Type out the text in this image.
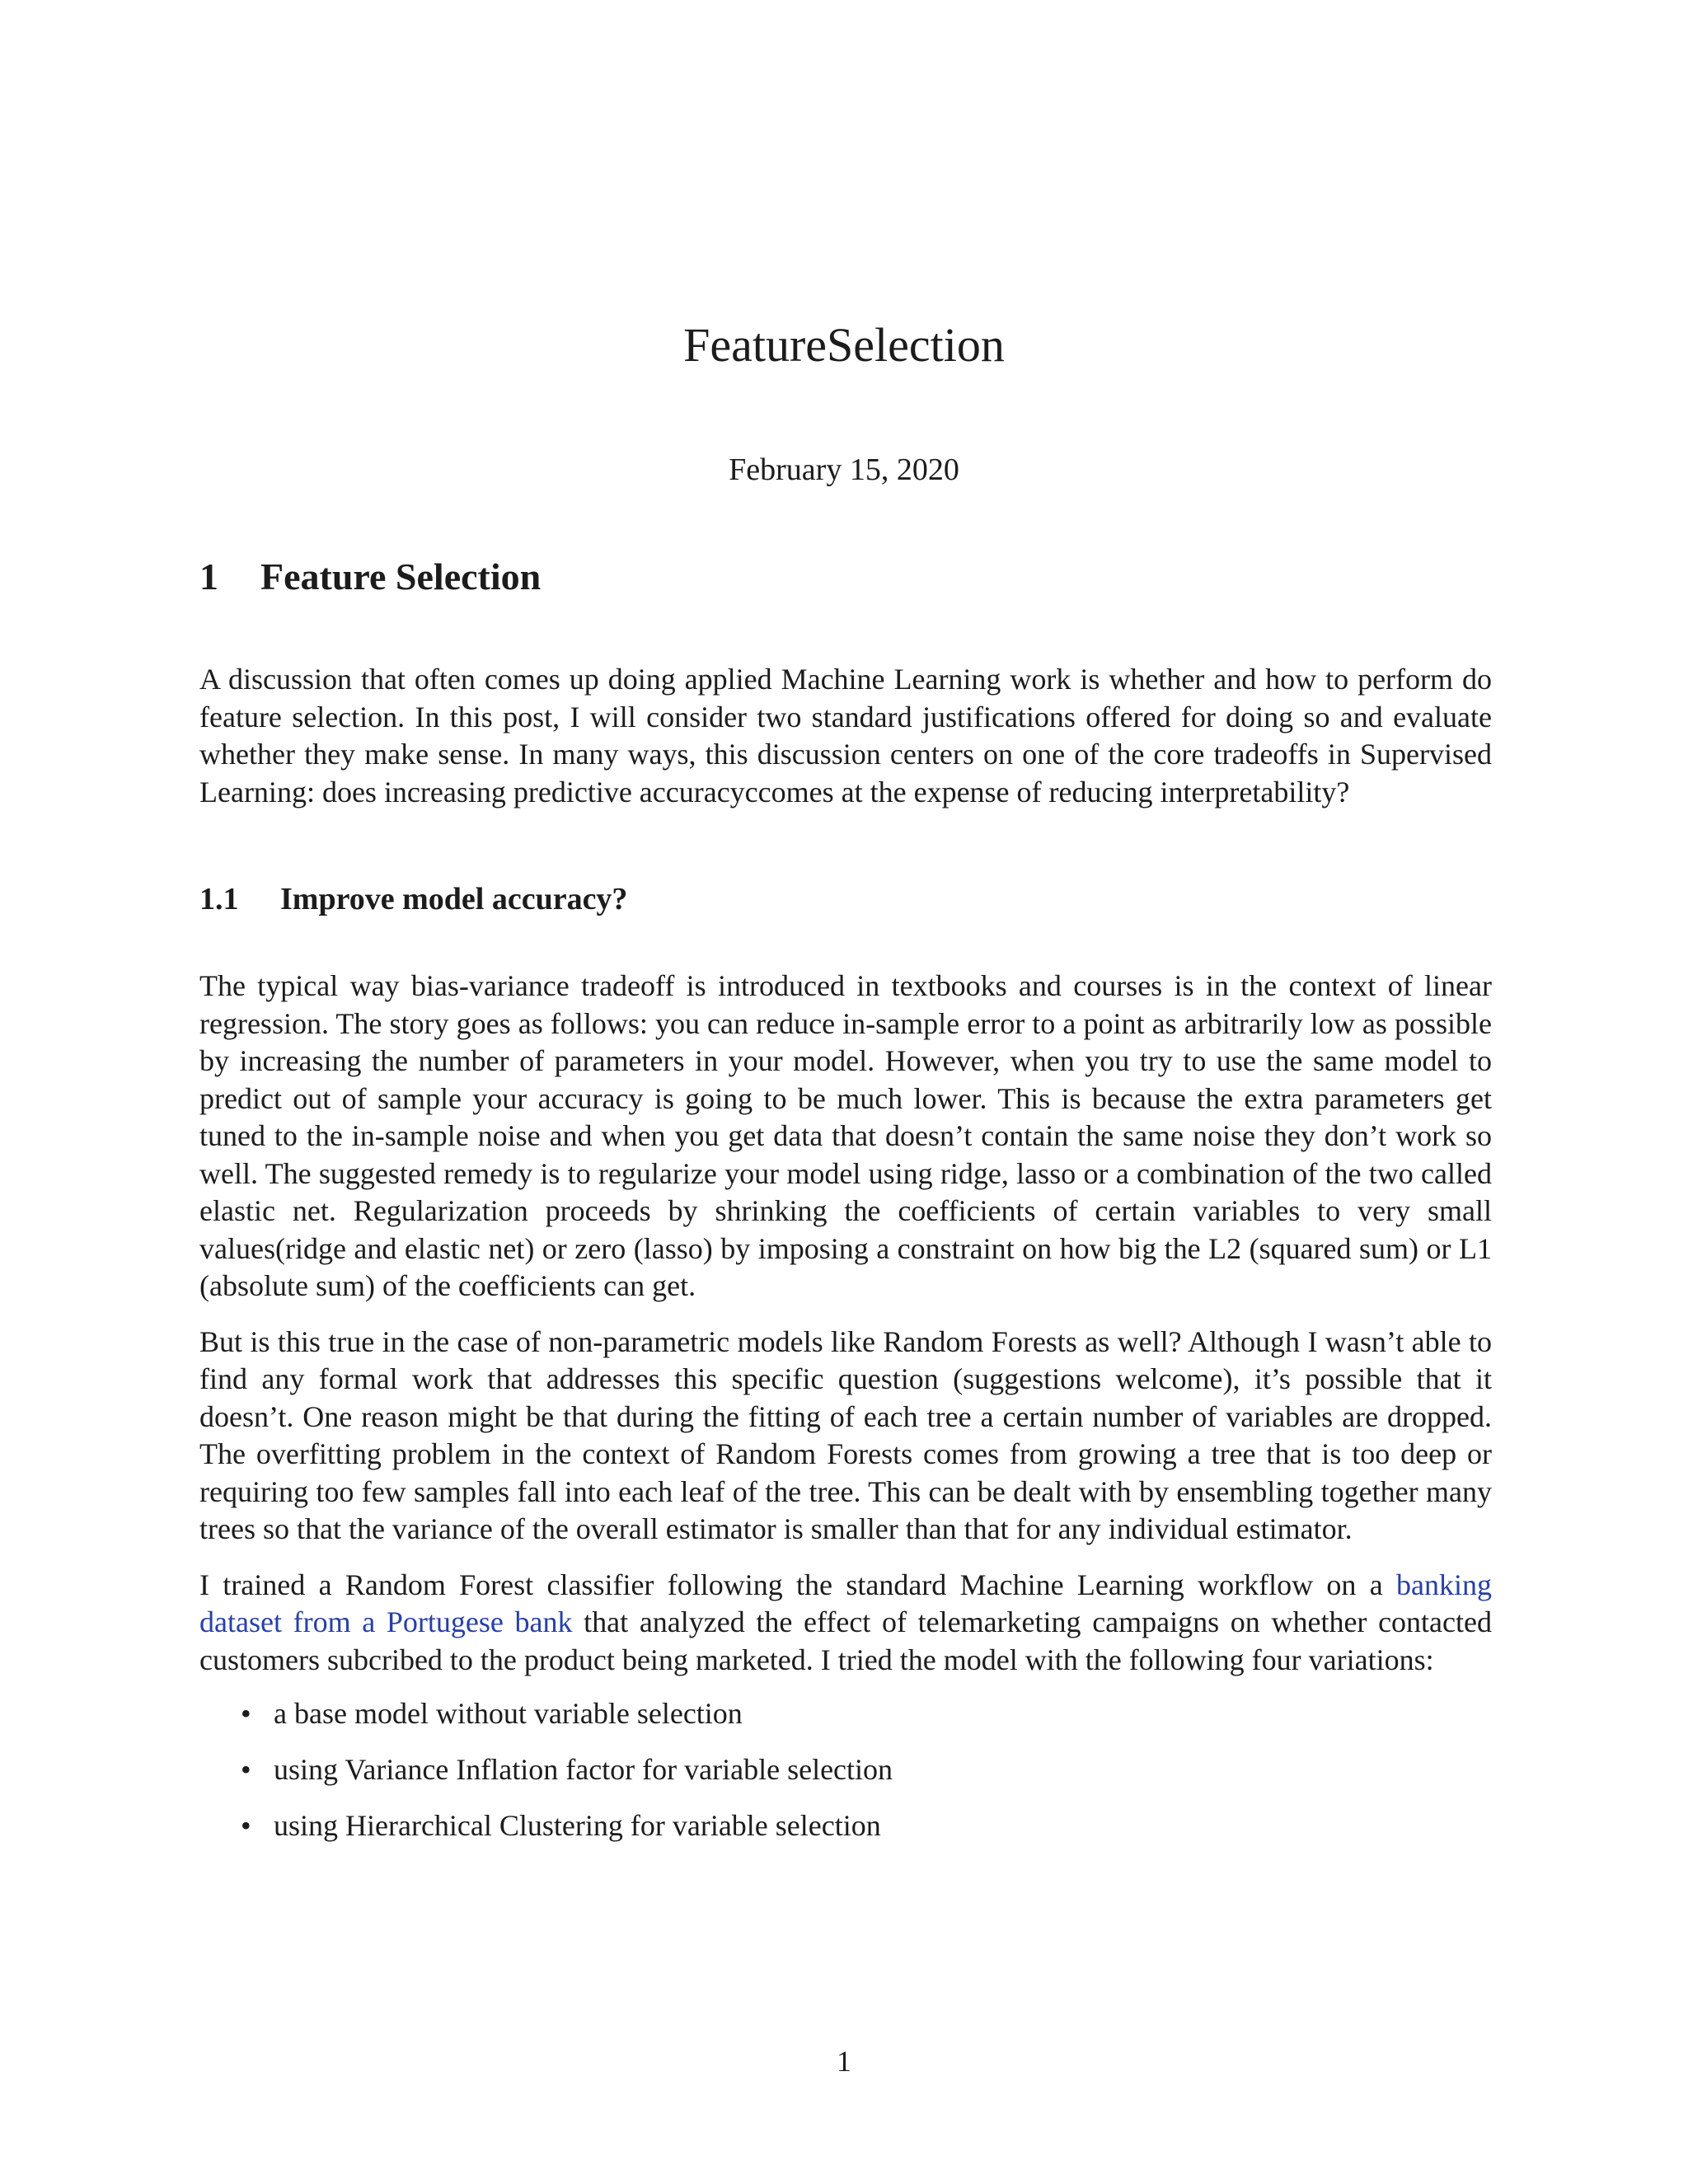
FeatureSelection
February 15, 2020
1 Feature Selection

A discussion that often comes up doing applied Machine Learning work is whether and how to perform do feature selection. In this post, I will consider two standard justifications offered for doing so and evaluate whether they make sense. In many ways, this discussion centers on one of the core tradeoffs in Supervised Learning: does increasing predictive accuracyccomes at the expense of reducing interpretability?

1.1 Improve model accuracy?

The typical way bias-variance tradeoff is introduced in textbooks and courses is in the context of linear regression. The story goes as follows: you can reduce in-sample error to a point as arbitrarily low as possible by increasing the number of parameters in your model. However, when you try to use the same model to predict out of sample your accuracy is going to be much lower. This is because the extra parameters get tuned to the in-sample noise and when you get data that doesn’t contain the same noise they don’t work so well. The suggested remedy is to regularize your model using ridge, lasso or a combination of the two called elastic net. Regularization proceeds by shrinking the coefficients of certain variables to very small values(ridge and elastic net) or zero (lasso) by imposing a constraint on how big the L2 (squared sum) or L1 (absolute sum) of the coefficients can get.

But is this true in the case of non-parametric models like Random Forests as well? Although I wasn’t able to find any formal work that addresses this specific question (suggestions welcome), it’s possible that it doesn’t. One reason might be that during the fitting of each tree a certain number of variables are dropped. The overfitting problem in the context of Random Forests comes from growing a tree that is too deep or requiring too few samples fall into each leaf of the tree. This can be dealt with by ensembling together many trees so that the variance of the overall estimator is smaller than that for any individual estimator.

I trained a Random Forest classifier following the standard Machine Learning workflow on a banking dataset from a Portugese bank that analyzed the effect of telemarketing campaigns on whether contacted customers subcribed to the product being marketed. I tried the model with the following four variations:

• a base model without variable selection
• using Variance Inflation factor for variable selection
• using Hierarchical Clustering for variable selection
1
